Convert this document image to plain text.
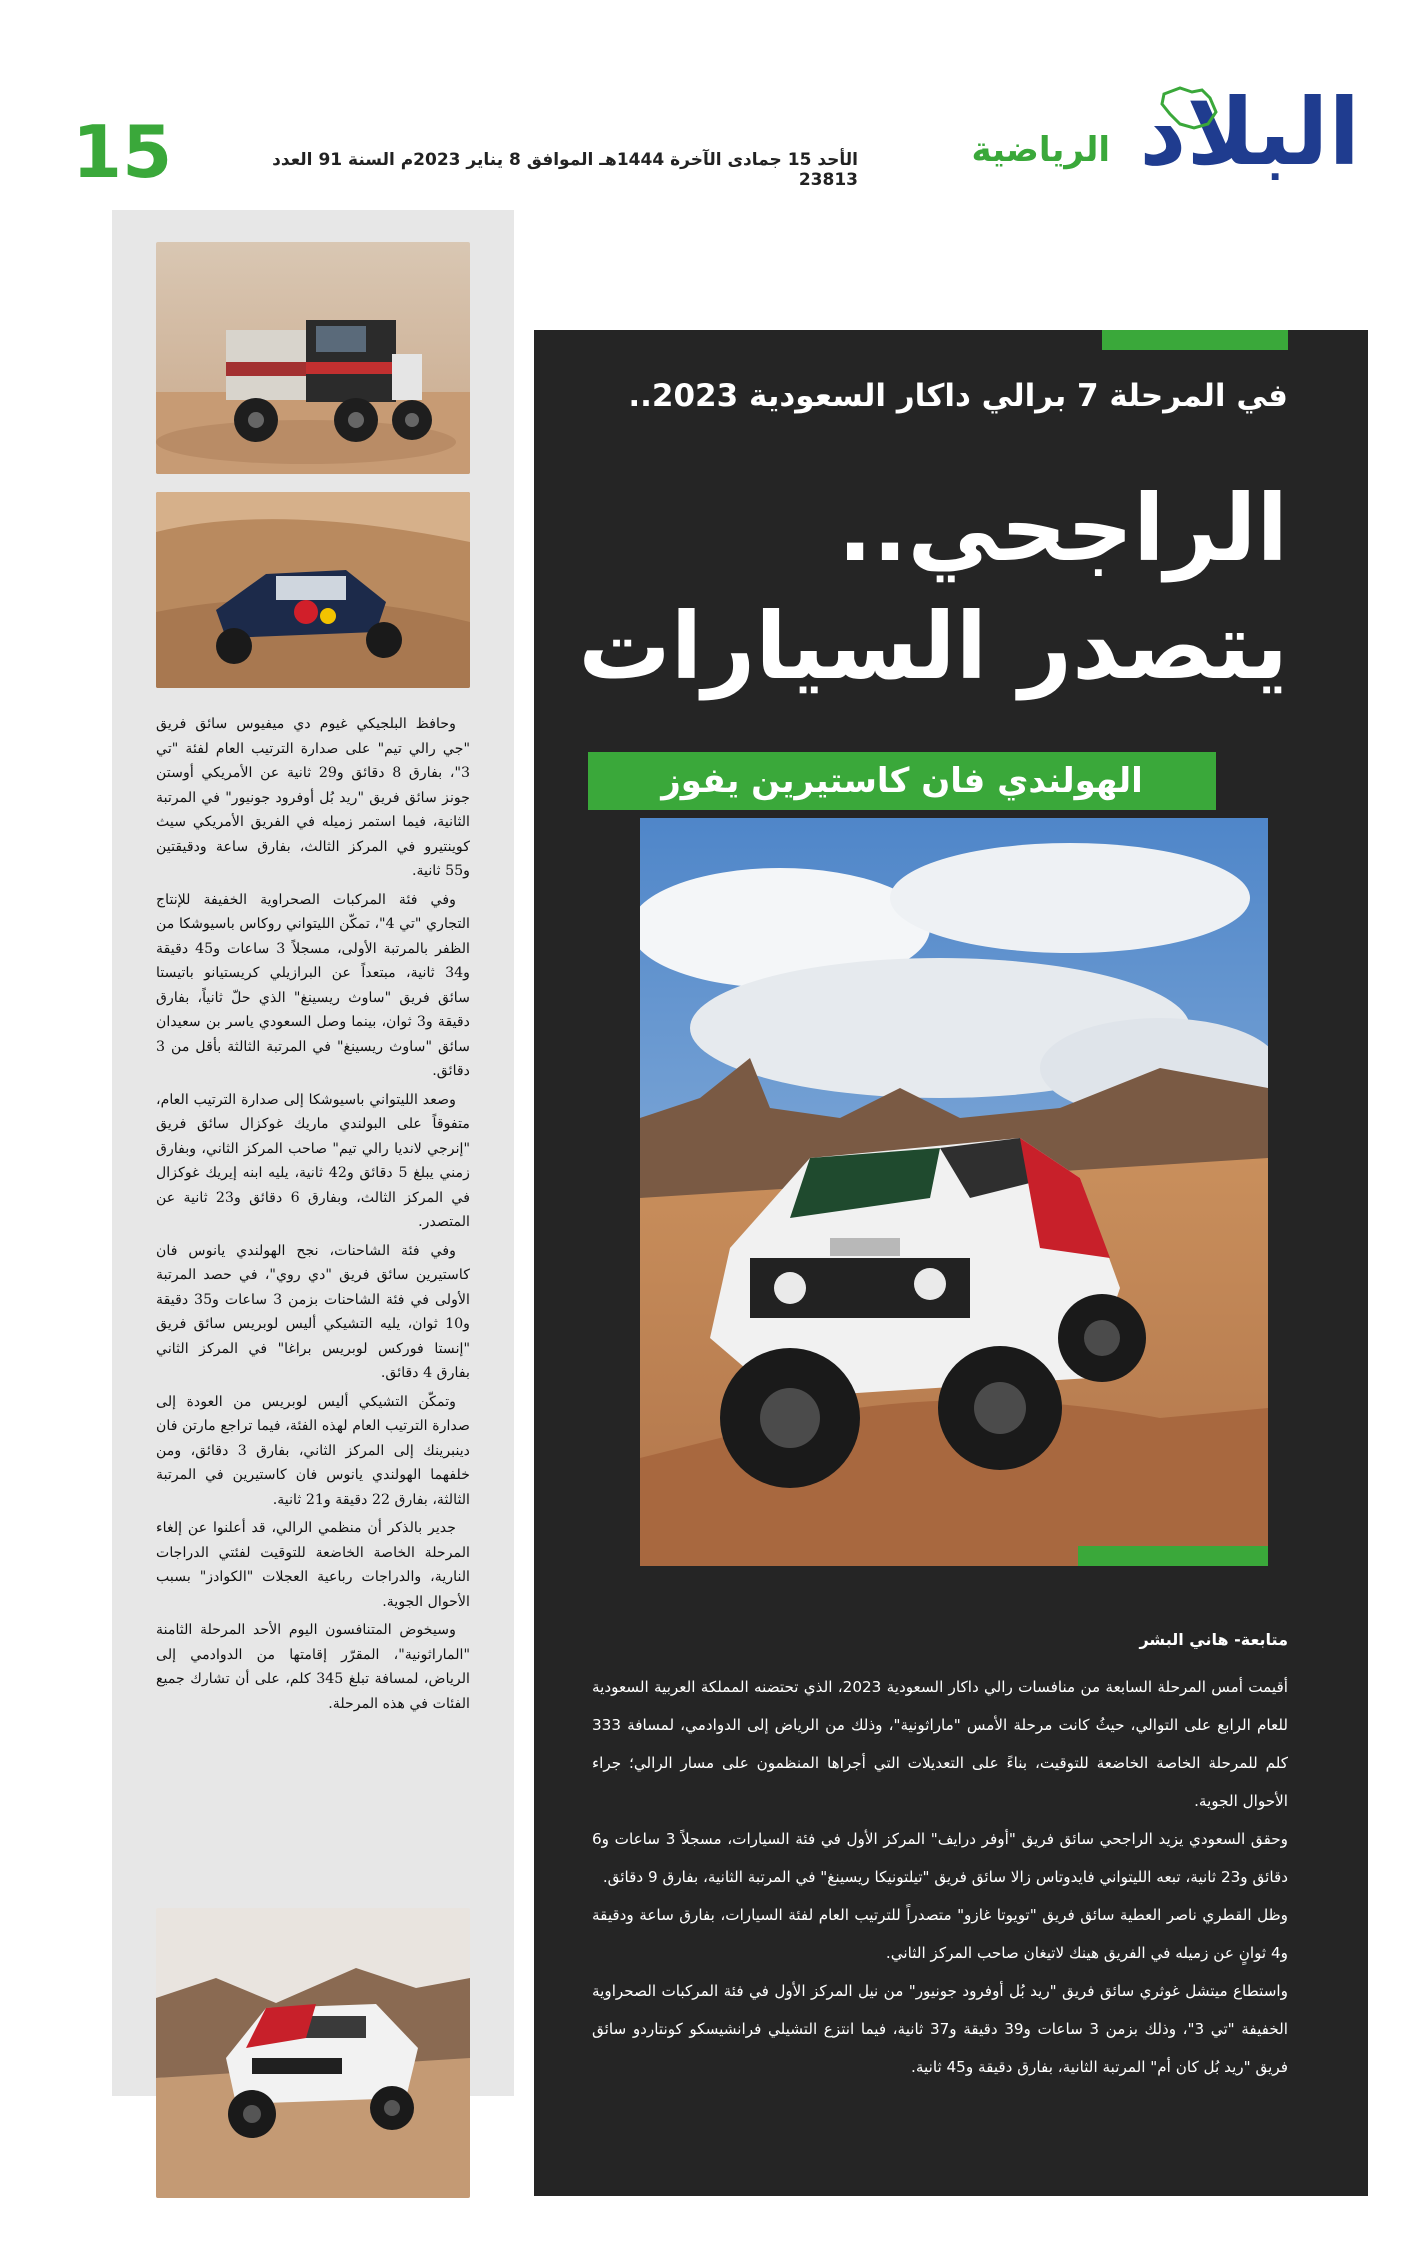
البلاد
الرياضية
الأحد 15 جمادى الآخرة 1444هـ الموافق 8 يناير 2023م السنة 91 العدد 23813
15

وحافظ البلجيكي غيوم دي ميفيوس سائق فريق "جي رالي تيم" على صدارة الترتيب العام لفئة "تي 3"، بفارق 8 دقائق و29 ثانية عن الأمريكي أوستن جونز سائق فريق "ريد بُل أوفرود جونيور" في المرتبة الثانية، فيما استمر زميله في الفريق الأمريكي سيث كوينتيرو في المركز الثالث، بفارق ساعة ودقيقتين و55 ثانية.

وفي فئة المركبات الصحراوية الخفيفة للإنتاج التجاري "تي 4"، تمكّن الليتواني روكاس باسيوشكا من الظفر بالمرتبة الأولى، مسجلاً 3 ساعات و45 دقيقة و34 ثانية، مبتعداً عن البرازيلي كريستيانو باتيستا سائق فريق "ساوث ريسينغ" الذي حلّ ثانياً، بفارق دقيقة و3 ثوان، بينما وصل السعودي ياسر بن سعيدان سائق "ساوث ريسينغ" في المرتبة الثالثة بأقل من 3 دقائق.

وصعد الليتواني باسيوشكا إلى صدارة الترتيب العام، متفوقاً على البولندي ماريك غوكزال سائق فريق "إنرجي لانديا رالي تيم" صاحب المركز الثاني، وبفارق زمني يبلغ 5 دقائق و42 ثانية، يليه ابنه إيريك غوكزال في المركز الثالث، وبفارق 6 دقائق و23 ثانية عن المتصدر.

وفي فئة الشاحنات، نجح الهولندي يانوس فان كاستيرين سائق فريق "دي روي"، في حصد المرتبة الأولى في فئة الشاحنات بزمن 3 ساعات و35 دقيقة و10 ثوان، يليه التشيكي أليس لوبريس سائق فريق "إنستا فوركس لوبريس براغا" في المركز الثاني بفارق 4 دقائق.

وتمكّن التشيكي أليس لوبريس من العودة إلى صدارة الترتيب العام لهذه الفئة، فيما تراجع مارتن فان دينبرينك إلى المركز الثاني، بفارق 3 دقائق، ومن خلفهما الهولندي يانوس فان كاستيرين في المرتبة الثالثة، بفارق 22 دقيقة و21 ثانية.

جدير بالذكر أن منظمي الرالي، قد أعلنوا عن إلغاء المرحلة الخاصة الخاضعة للتوقيت لفئتي الدراجات النارية، والدراجات رباعية العجلات "الكوادز" بسبب الأحوال الجوية.

وسيخوض المتنافسون اليوم الأحد المرحلة الثامنة "الماراثونية"، المقرّر إقامتها من الدوادمي إلى الرياض، لمسافة تبلغ 345 كلم، على أن تشارك جميع الفئات في هذه المرحلة.

في المرحلة 7 برالي داكار السعودية 2023..
الراجحي..
يتصدر السيارات
الهولندي فان كاستيرين يفوز
متابعة- هاني البشر

أقيمت أمس المرحلة السابعة من منافسات رالي داكار السعودية 2023، الذي تحتضنه المملكة العربية السعودية للعام الرابع على التوالي، حيثُ كانت مرحلة الأمس "ماراثونية"، وذلك من الرياض إلى الدوادمي، لمسافة 333 كلم للمرحلة الخاصة الخاضعة للتوقيت، بناءً على التعديلات التي أجراها المنظمون على مسار الرالي؛ جراء الأحوال الجوية.

وحقق السعودي يزيد الراجحي سائق فريق "أوفر درايف" المركز الأول في فئة السيارات، مسجلاً 3 ساعات و6 دقائق و23 ثانية، تبعه الليتواني فايدوتاس زالا سائق فريق "تيلتونيكا ريسينغ" في المرتبة الثانية، بفارق 9 دقائق.

وظل القطري ناصر العطية سائق فريق "تويوتا غازو" متصدراً للترتيب العام لفئة السيارات، بفارق ساعة ودقيقة و4 ثوانٍ عن زميله في الفريق هينك لاتيغان صاحب المركز الثاني.

واستطاع ميتشل غوثري سائق فريق "ريد بُل أوفرود جونيور" من نيل المركز الأول في فئة المركبات الصحراوية الخفيفة "تي 3"، وذلك بزمن 3 ساعات و39 دقيقة و37 ثانية، فيما انتزع التشيلي فرانشيسكو كونتاردو سائق فريق "ريد بُل كان أم" المرتبة الثانية، بفارق دقيقة و45 ثانية.
